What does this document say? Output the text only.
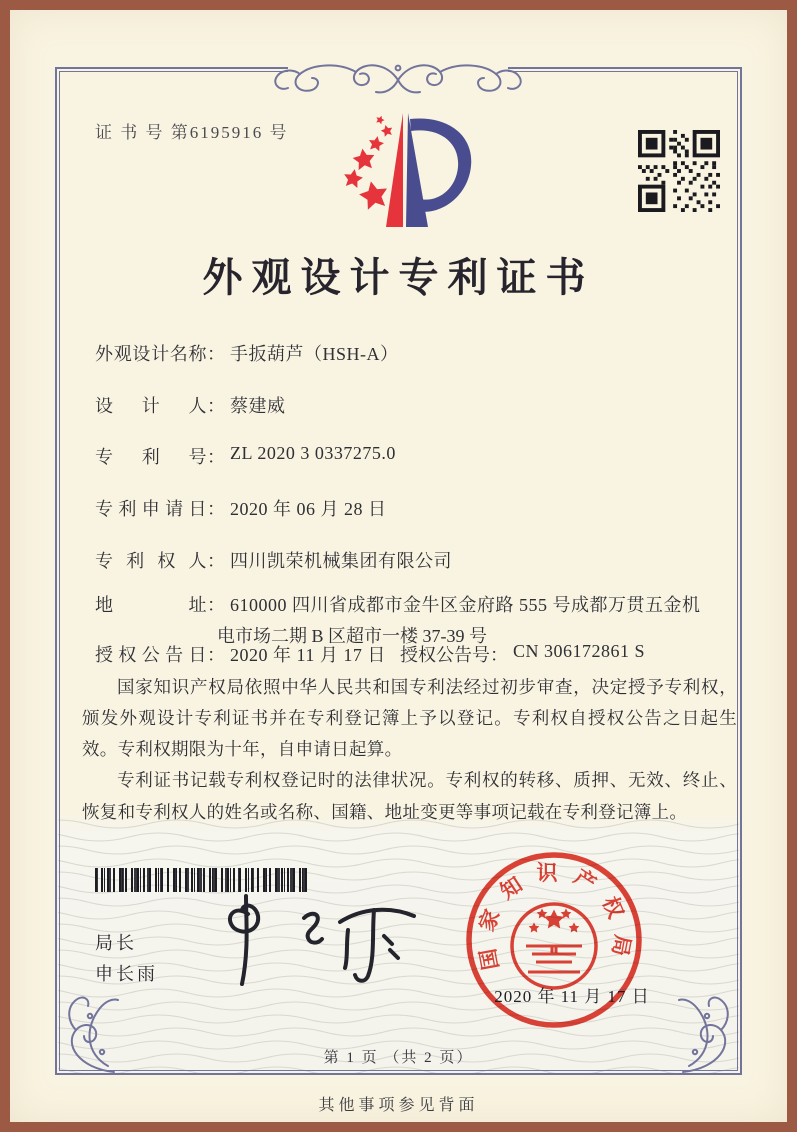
证 书 号 第6195916 号
外观设计专利证书
外观设计名称： 手扳葫芦（HSH-A）
设计人： 蔡建威
专利号： ZL 2020 3 0337275.0
专利申请日： 2020 年 06 月 28 日
专利权人： 四川凯荣机械集团有限公司
地址： 610000 四川省成都市金牛区金府路 555 号成都万贯五金机
电市场二期 B 区超市一楼 37-39 号
授权公告日： 2020 年 11 月 17 日 授权公告号： CN 306172861 S

国家知识产权局依照中华人民共和国专利法经过初步审查，决定授予专利权，颁发外观设计专利证书并在专利登记簿上予以登记。专利权自授权公告之日起生效。专利权期限为十年，自申请日起算。

专利证书记载专利权登记时的法律状况。专利权的转移、质押、无效、终止、恢复和专利权人的姓名或名称、国籍、地址变更等事项记载在专利登记簿上。

局长
申长雨
国家知识产权局
2020 年 11 月 17 日
第 1 页 （共 2 页）
其他事项参见背面
